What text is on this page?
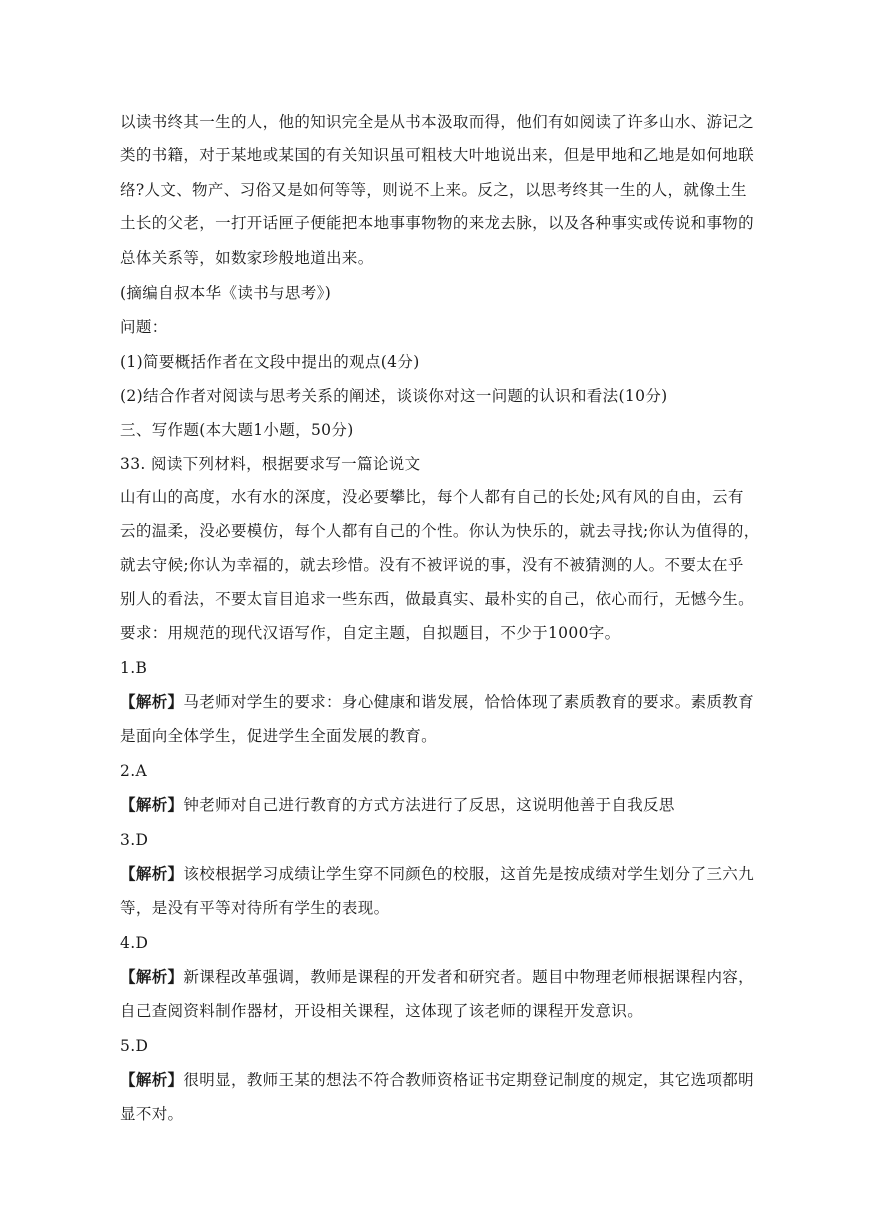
以读书终其一生的人，他的知识完全是从书本汲取而得，他们有如阅读了许多山水、游记之
类的书籍，对于某地或某国的有关知识虽可粗枝大叶地说出来，但是甲地和乙地是如何地联
络?人文、物产、习俗又是如何等等，则说不上来。反之，以思考终其一生的人，就像土生
土长的父老，一打开话匣子便能把本地事事物物的来龙去脉，以及各种事实或传说和事物的
总体关系等，如数家珍般地道出来。
(摘编自叔本华《读书与思考》)
问题：
(1)简要概括作者在文段中提出的观点(4分)
(2)结合作者对阅读与思考关系的阐述，谈谈你对这一问题的认识和看法(10分)
三、写作题(本大题1小题，50分)
33. 阅读下列材料，根据要求写一篇论说文
山有山的高度，水有水的深度，没必要攀比，每个人都有自己的长处;风有风的自由，云有
云的温柔，没必要模仿，每个人都有自己的个性。你认为快乐的，就去寻找;你认为值得的，
就去守候;你认为幸福的，就去珍惜。没有不被评说的事，没有不被猜测的人。不要太在乎
别人的看法，不要太盲目追求一些东西，做最真实、最朴实的自己，依心而行，无憾今生。
要求：用规范的现代汉语写作，自定主题，自拟题目，不少于1000字。
1.B
【解析】马老师对学生的要求：身心健康和谐发展，恰恰体现了素质教育的要求。素质教育
是面向全体学生，促进学生全面发展的教育。
2.A
【解析】钟老师对自己进行教育的方式方法进行了反思，这说明他善于自我反思
3.D
【解析】该校根据学习成绩让学生穿不同颜色的校服，这首先是按成绩对学生划分了三六九
等，是没有平等对待所有学生的表现。
4.D
【解析】新课程改革强调，教师是课程的开发者和研究者。题目中物理老师根据课程内容，
自己查阅资料制作器材，开设相关课程，这体现了该老师的课程开发意识。
5.D
【解析】很明显，教师王某的想法不符合教师资格证书定期登记制度的规定，其它选项都明
显不对。
